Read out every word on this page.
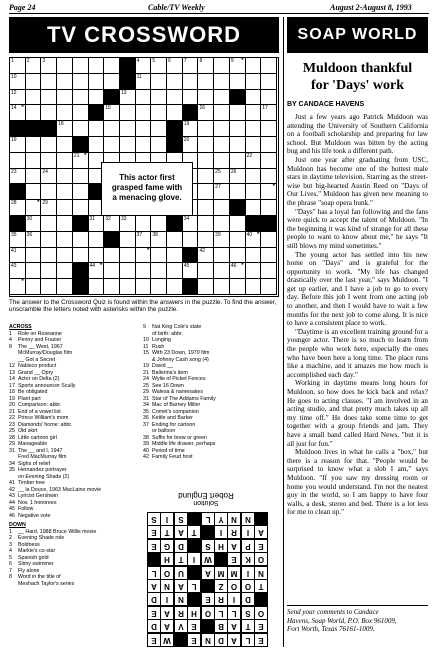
Page 24	Cable/TV Weekly	August 2-August 8, 1993
TV CROSSWORD
1	2	3	4	5	6	7	8	9 *
10	11
12	13
14 *	15	16	17
18	19
19	20
21 *	22
23	24	25 26
27	*
28	* 29
30	31 32 33	34
35 36	37 38	39	40 *
41	*	42
43	44 *	45	46 *
*
This actor first
grasped fame with
a menacing glove.
The answer to the Crossword Quiz is found within the answers in the puzzle. To find the answer, unscramble the letters noted with asterisks within the puzzle.
ACROSS
1	Role on Roseanne
4	Penny and Frazier
8	The __ West, 1967
McMurray/Douglas film
__ Got a Secret
12 Nabisco product
13 Grand __ Opry
14 Actor on Delta (2)
17 Sports announcer Scully
18 Be obligated
19 Plant part
20 Comparison: abbr.
21 End of a vowel list
22 Prince William's mom
23 Diamonds' home: abbr.
25 Old skirt
28 Little cartoon girl
29 Manageable
31 The __ and I, 1947
Fred MacMurray film
34 Sighs of relief
35 Hernandez portrayer
on Evening Shade (2)
41 Timber tree
42 __ la Douce, 1963 MacLaine movie
43 Lyricist Gershwin
44 Nov. 1 honorees
45 Follow
46 Negative vote
DOWN
1	__ Hard, 1988 Bruce Willis movie
2	Evening Shade role
3	Boldness
4	Markie's co-star
5	Spanish gold
6	Slimy swimmer
7	Fly alone
8	Word in the title of
Meshach Taylor's series
9	Nat King Cole's state
of birth: abbr.
10 Longing
11 Rush
15 With 23 Down, 1979 film
& Johnny Cash song (4)
19 David __
21 Ballerina's item
24 Wylie of Picket Fences
25 See 16 Down
29 Walesa & namesakes
31 Star of The Addams Family
34 Mac of Barney Miller
35 Comet's companion
36 Kettle and Barker
37 Ending for cartoon
or balloon
38 Suffix for brew or green
39 Middle life drawer, perhaps
40 Period of time
42 Family Feud host
Solution
Robert Englund
S	I	S	L	Y N N
E	T	A	T	I	R	I	A
E G D	S H A P	E
H	T	I	W	E K O
L O U	A M M	I	N
A N A	L	Z O O T
D	I	N	E R	I	D
E A R H O L	L	S O
D A V	E	B A	T	E
E W	E N D A	L	E
SOAP WORLD
Muldoon thankful
for 'Days' work
BY CANDACE HAVENS

Just a few years ago Patrick Muldoon was attending the University of Southern California on a football scholarship and preparing for law school. But Muldoon was bitten by the acting bug and his life took a different path.

Just one year after graduating from USC, Muldoon has become one of the hottest male stars in daytime television. Starring as the street-wise but big-hearted Austin Reed on "Days of Our Lives," Muldoon has given new meaning to the phrase "soap opera hunk."

"Days" has a loyal fan following and the fans were quick to accept the talent of Muldoon. "In the beginning it was kind of strange for all these people to want to know about me," he says "It still blows my mind sometimes."

The young actor has settled into his new home on "Days" and is grateful for the opportunity to work. "My life has changed drastically over the last year," says Muldoon. "I get up earlier, and I have a job to go to every day. Before this job I went from one acting job to another, and then I would have to wait a few months for the next job to come along. It is nice to have a consistent place to work.

"Daytime is an excellent training ground for a younger actor. There is so much to learn from the people who work here, especially the ones who have been here a long time. The place runs like a machine, and it amazes me how much is accomplished each day."

Working in daytime means long hours for Muldoon, so how does he kick back and relax? He goes to acting classes. "I am involved in an acting studio, and that pretty much takes up all my time off." He does take some time to get together with a group friends and jam. They have a small band called Hard News, "but it is all just for fun."

Muldoon lives in what he calls a "box," but there is a reason for that. "People would be surprised to know what a slob I am," says Muldoon. "If you saw my dressing room or home you would understand. I'm not the neatest guy in the world, so I am happy to have four walls, a desk, stereo and bed. There is a lot less for me to clean up."

Send your comments to Candace
Havens, Soap World, P.O. Box 961009,
Fort Worth, Texas 76161-1009.
